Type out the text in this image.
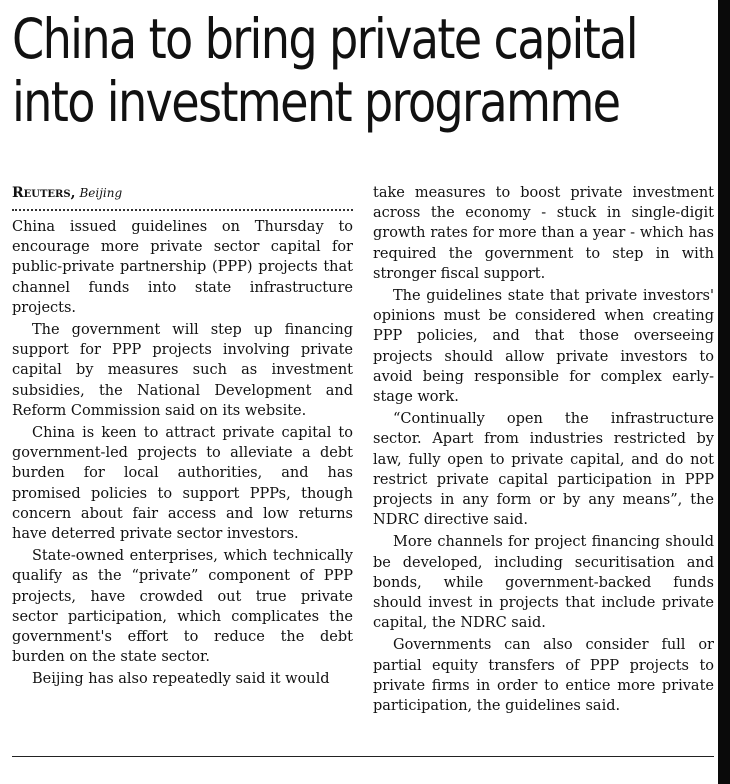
China to bring private capital
into investment programme

Reuters, Beijing

China issued guidelines on Thursday to encourage more private sector capital for public-private partnership (PPP) projects that channel funds into state infrastructure projects.

The government will step up financing support for PPP projects involving private capital by measures such as investment subsidies, the National Development and Reform Commission said on its website.

China is keen to attract private capital to government-led projects to alleviate a debt burden for local authorities, and has promised policies to support PPPs, though concern about fair access and low returns have deterred private sector investors.

State-owned enterprises, which technically qualify as the “private” component of PPP projects, have crowded out true private sector participation, which complicates the government's effort to reduce the debt burden on the state sector.

Beijing has also repeatedly said it would

take measures to boost private investment across the economy - stuck in single-digit growth rates for more than a year - which has required the government to step in with stronger fiscal support.

The guidelines state that private investors' opinions must be considered when creating PPP policies, and that those overseeing projects should allow private investors to avoid being responsible for complex early-stage work.

“Continually open the infrastructure sector. Apart from industries restricted by law, fully open to private capital, and do not restrict private capital participation in PPP projects in any form or by any means”, the NDRC directive said.

More channels for project financing should be developed, including securitisation and bonds, while government-backed funds should invest in projects that include private capital, the NDRC said.

Governments can also consider full or partial equity transfers of PPP projects to private firms in order to entice more private participation, the guidelines said.
